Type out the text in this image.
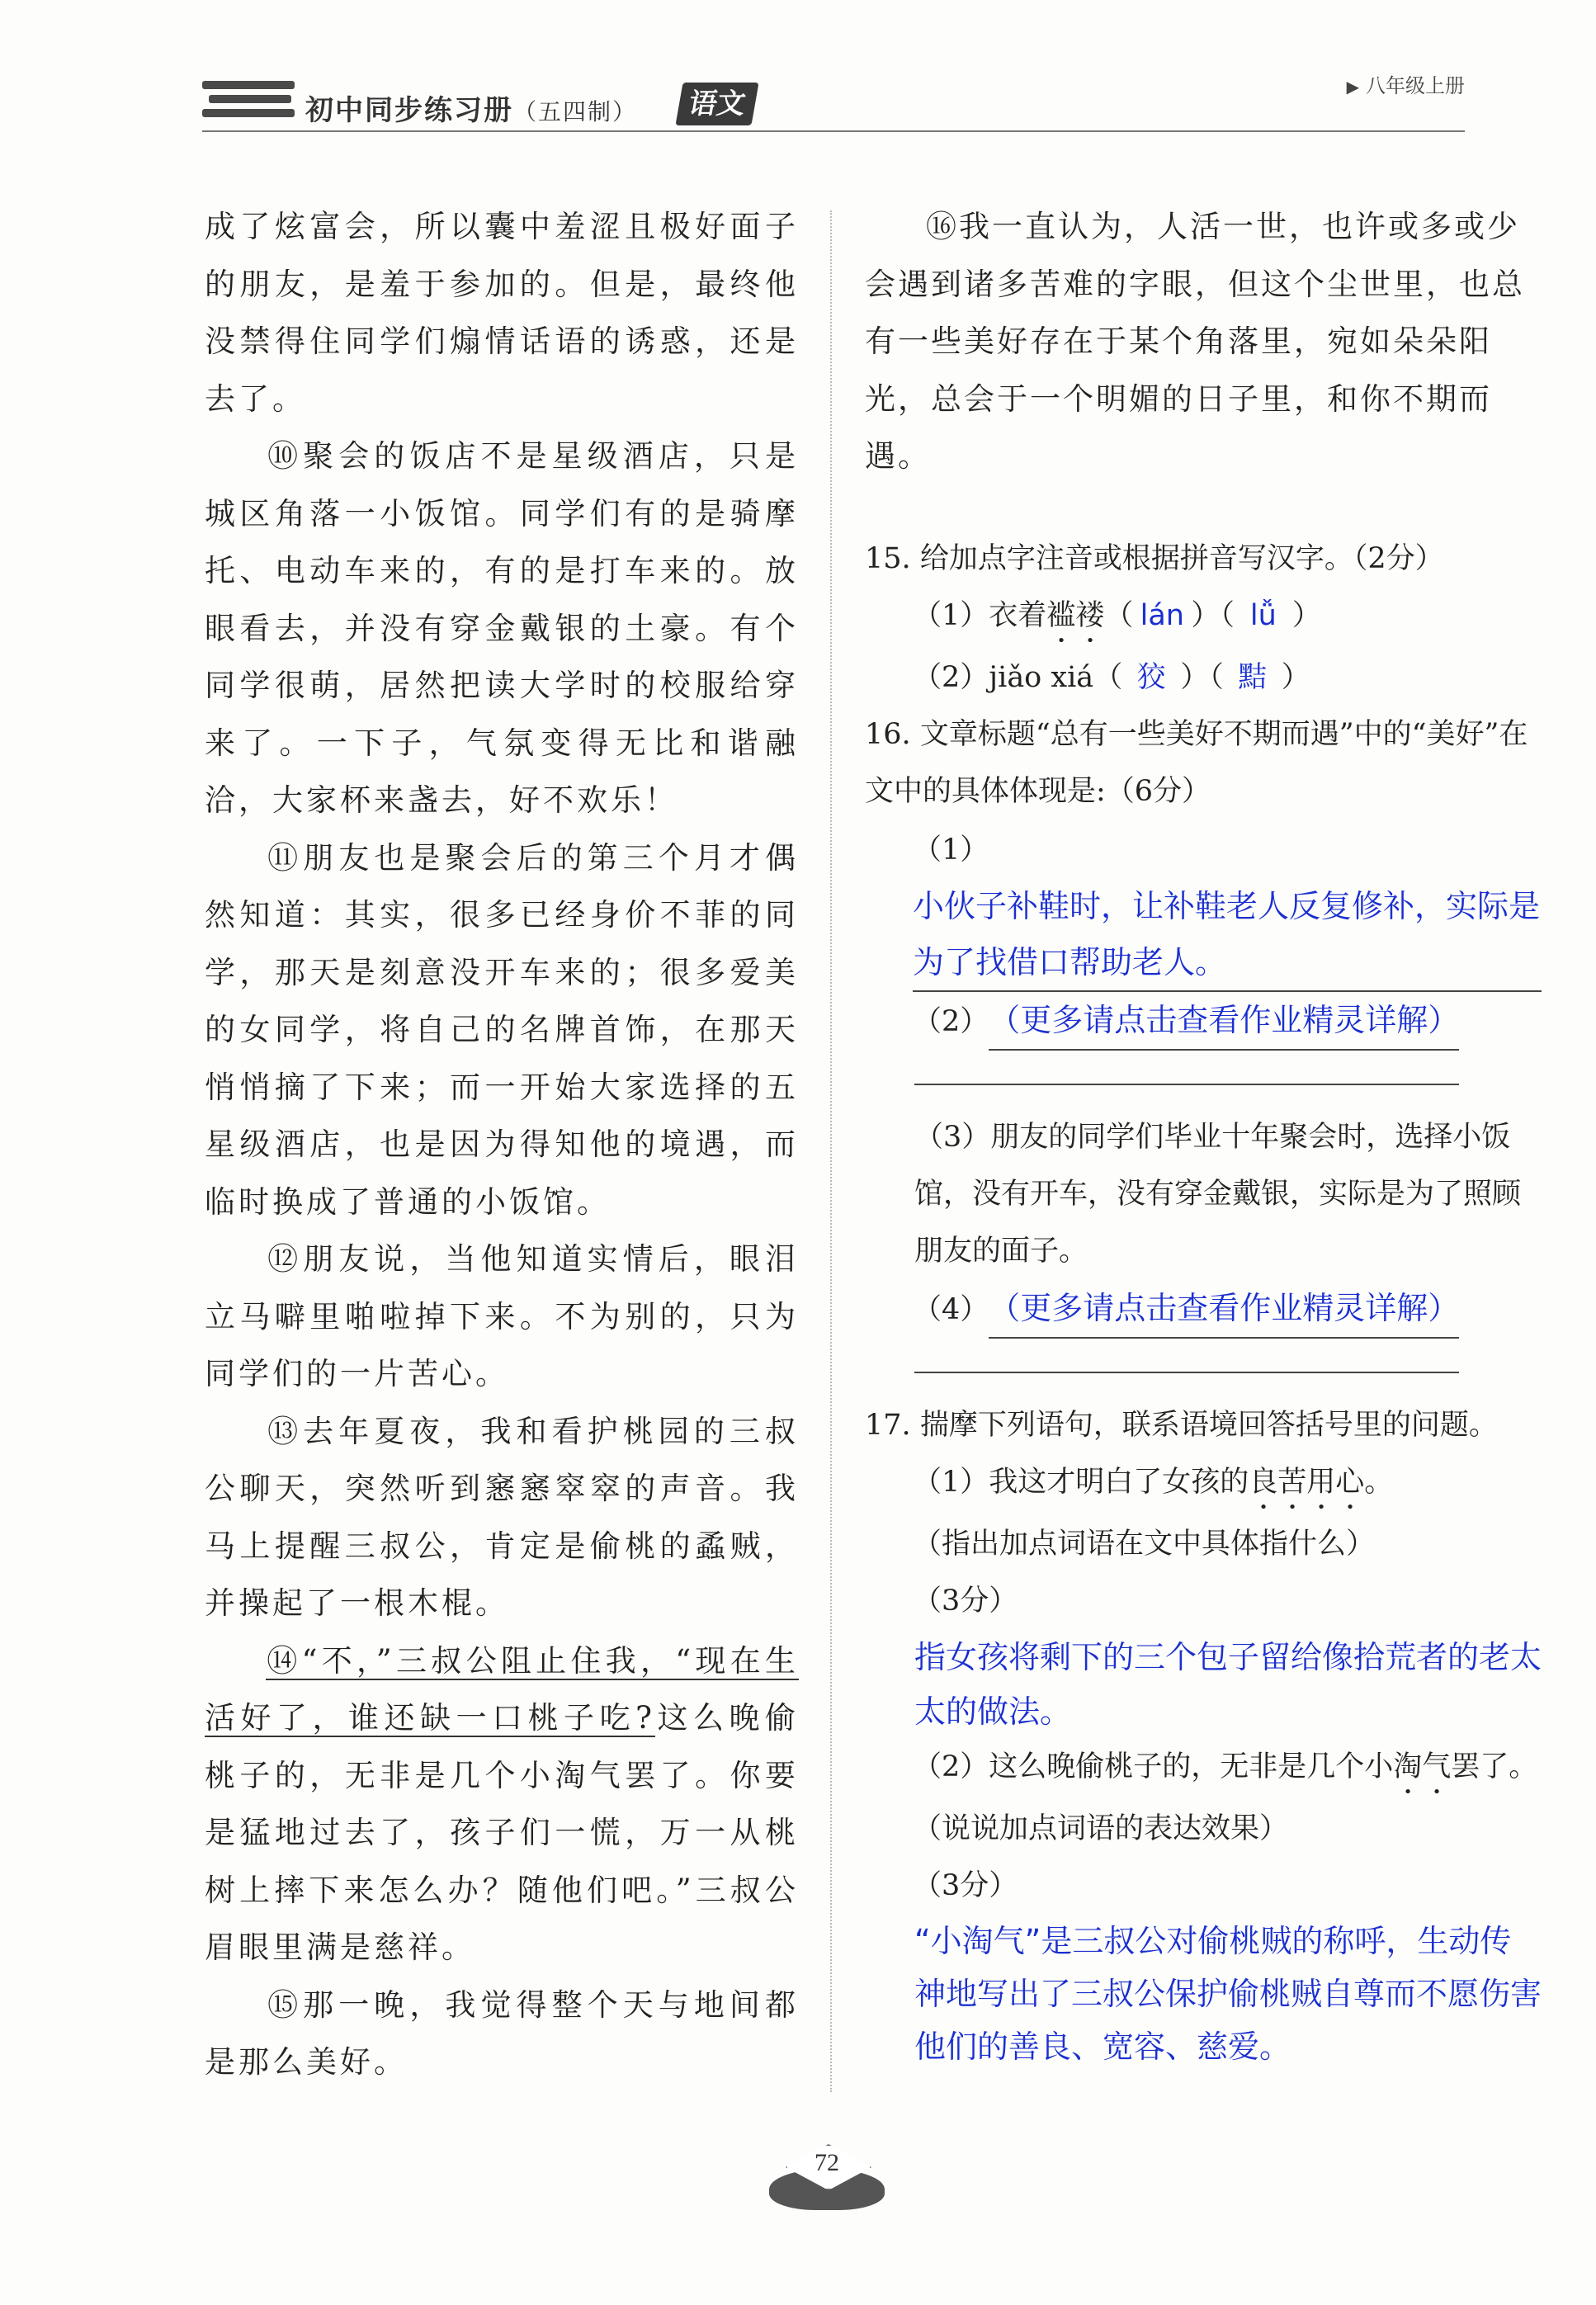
初中同步练习册（五四制）	语文	▶ 八年级上册

成了炫富会，所以囊中羞涩且极好面子的朋友，是羞于参加的。但是，最终他没禁得住同学们煽情话语的诱惑，还是去了。

⑩聚会的饭店不是星级酒店，只是城区角落一小饭馆。同学们有的是骑摩托、电动车来的，有的是打车来的。放眼看去，并没有穿金戴银的土豪。有个同学很萌，居然把读大学时的校服给穿来了。一下子，气氛变得无比和谐融洽，大家杯来盏去，好不欢乐！

⑪朋友也是聚会后的第三个月才偶然知道：其实，很多已经身价不菲的同学，那天是刻意没开车来的；很多爱美的女同学，将自己的名牌首饰，在那天悄悄摘了下来；而一开始大家选择的五星级酒店，也是因为得知他的境遇，而临时换成了普通的小饭馆。

⑫朋友说，当他知道实情后，眼泪立马噼里啪啦掉下来。不为别的，只为同学们的一片苦心。

⑬去年夏夜，我和看护桃园的三叔公聊天，突然听到窸窸窣窣的声音。我马上提醒三叔公，肯定是偷桃的蟊贼，并操起了一根木棍。

⑭“不，”三叔公阻止住我，“现在生活好了，谁还缺一口桃子吃?这么晚偷桃子的，无非是几个小淘气罢了。你要是猛地过去了，孩子们一慌，万一从桃树上摔下来怎么办？随他们吧。”三叔公眉眼里满是慈祥。

⑮那一晚，我觉得整个天与地间都是那么美好。

⑯我一直认为，人活一世，也许或多或少会遇到诸多苦难的字眼，但这个尘世里，也总有一些美好存在于某个角落里，宛如朵朵阳光，总会于一个明媚的日子里，和你不期而遇。

15. 给加点字注音或根据拼音写汉字。（2分）

（1）衣着褴褛（ lán ）（ lǚ ）

（2）jiǎo xiá（ 狡 ）（ 黠 ）

16. 文章标题“总有一些美好不期而遇”中的“美好”在文中的具体体现是:（6分）

（1）小伙子补鞋时，让补鞋老人反复修补，实际是为了找借口帮助老人。

（2）（更多请点击查看作业精灵详解）

（3）朋友的同学们毕业十年聚会时，选择小饭馆，没有开车，没有穿金戴银，实际是为了照顾朋友的面子。

（4）（更多请点击查看作业精灵详解）

17. 揣摩下列语句，联系语境回答括号里的问题。

（1）我这才明白了女孩的良苦用心。

（指出加点词语在文中具体指什么）

（3分）

指女孩将剩下的三个包子留给像拾荒者的老太太的做法。

（2）这么晚偷桃子的，无非是几个小淘气罢了。（说说加点词语的表达效果）

（3分）

“小淘气”是三叔公对偷桃贼的称呼，生动传神地写出了三叔公保护偷桃贼自尊而不愿伤害他们的善良、宽容、慈爱。

72
